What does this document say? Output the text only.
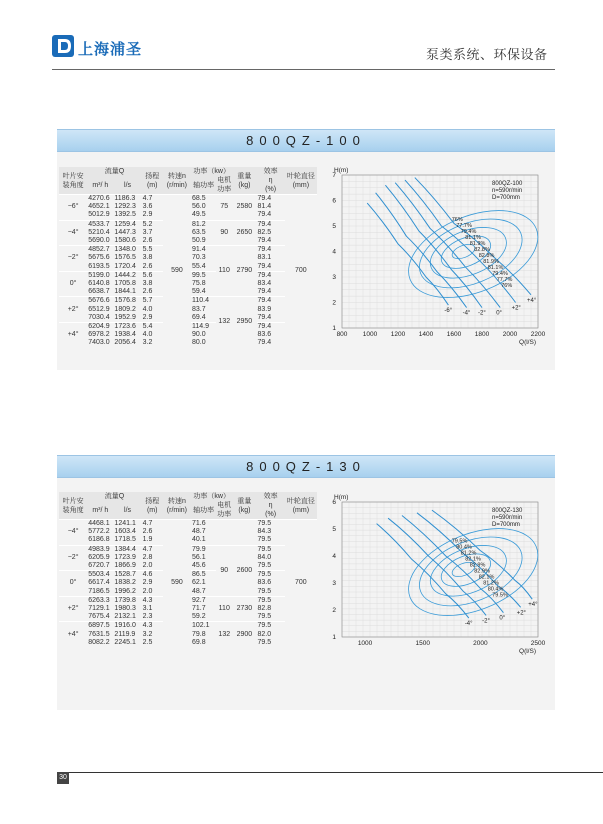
上海浦圣	泵类系统、环保设备
800QZ-100
叶片安
装角度	流量Q		扬程
(m)	转速n
(r/min)	功率（kw）		重量
(kg)	效率
η
(%)	叶轮直径
(mm)
	m³/ h	l/s			轴功率	电机
功率			
−6°	4270.6	1186.3	4.7	590	68.5	75	2580	79.4	700
	4652.1	1292.3	3.6		56.0			81.4	
	5012.9	1392.5	2.9		49.5			79.4	
−4°	4533.7	1259.4	5.2		81.2	90	2650	79.4	
	5210.4	1447.3	3.7		63.5			82.5	
	5690.0	1580.6	2.6		50.9			79.4	
−2°	4852.7	1348.0	5.5		91.4	110	2790	79.4	
	5675.6	1576.5	3.8		70.3			83.1	
	6193.5	1720.4	2.6		55.4			79.4	
0°	5199.0	1444.2	5.6		99.5			79.4	
	6140.8	1705.8	3.8		75.8			83.4	
	6638.7	1844.1	2.6		59.4			79.4	
+2°	5676.6	1576.8	5.7		110.4	132	2950	79.4	
	6512.9	1809.2	4.0		83.7			83.9	
	7030.4	1952.9	2.9		69.4			79.4	
+4°	6204.9	1723.6	5.4		114.9			79.4	
	6978.2	1938.4	4.0		90.0			83.6	
	7403.0	2056.4	3.2		80.0			79.4	
800 1000 1200 1400 1600 1800 2000 2200
1
2
3
4
5
6
7
H(m)
Q(l/S)
800QZ-100
n=590r/min
D=700mm
76%
77.7%
79.4%
81.1%
81.9%
82.8%
82.8%
81.9%
81.1%
79.4%
77.7%
76%
-6° -4° -2° 0°
+2°
+4°
800QZ-130
叶片安
装角度	流量Q		扬程
(m)	转速n
(r/min)	功率（kw）		重量
(kg)	效率
η
(%)	叶轮直径
(mm)
	m³/ h	l/s			轴功率	电机
功率			
−4°	4468.1	1241.1	4.7	590	71.6			79.5	700
	5772.2	1603.4	2.6		48.7			84.3	
	6186.8	1718.5	1.9		40.1			79.5	
−2°	4983.9	1384.4	4.7		79.9	90	2600	79.5	
	6205.9	1723.9	2.8		56.1			84.0	
	6720.7	1866.9	2.0		45.6			79.5	
0°	5503.4	1528.7	4.6		86.5			79.5	
	6617.4	1838.2	2.9		62.1			83.6	
	7186.5	1996.2	2.0		48.7			79.5	
+2°	6263.3	1739.8	4.3		92.7	110	2730	79.5	
	7129.1	1980.3	3.1		71.7			82.8	
	7675.4	2132.1	2.3		59.2			79.5	
+4°	6897.5	1916.0	4.3		102.1	132	2900	79.5	
	7631.5	2119.9	3.2		79.8			82.0	
	8082.2	2245.1	2.5		69.8			79.5		1000	1500	2000	2500
1
2
3
4
5
6
H(m)
Q(l/S)
800QZ-130
n=590r/min
D=700mm
79.5%
80.4%
81.2%
82.1%
82.9%
82.9%
82.1%
81.2%
80.4%
79.5%
-4° -2° 0°
+2°
+4°
30
